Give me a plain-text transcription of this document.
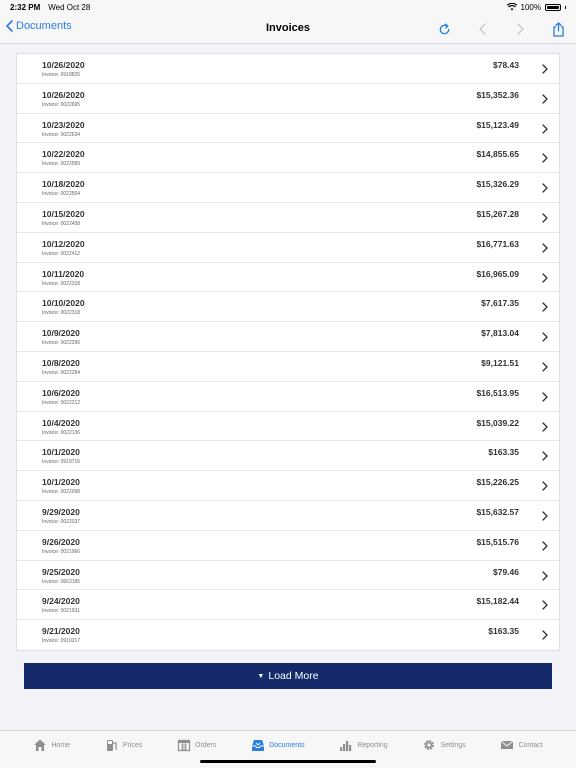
2:32 PM Wed Oct 28	100%
Documents	Invoices
10/26/2020
Invoice: 0918835
$78.43
10/26/2020
Invoice: 0022695
$15,352.36
10/23/2020
Invoice: 0022634
$15,123.49
10/22/2020
Invoice: 0022589
$14,855.65
10/18/2020
Invoice: 0022504
$15,326.29
10/15/2020
Invoice: 0022458
$15,267.28
10/12/2020
Invoice: 0022412
$16,771.63
10/11/2020
Invoice: 0022318
$16,965.09
10/10/2020
Invoice: 0022318
$7,617.35
10/9/2020
Invoice: 0022296
$7,813.04
10/8/2020
Invoice: 0022284
$9,121.51
10/6/2020
Invoice: 0022212
$16,513.95
10/4/2020
Invoice: 0022136
$15,039.22
10/1/2020
Invoice: 0919716
$163.35
10/1/2020
Invoice: 0022098
$15,226.25
9/29/2020
Invoice: 0022037
$15,632.57
9/26/2020
Invoice: 0021966
$15,515.76
9/25/2020
Invoice: 0663185
$79.46
9/24/2020
Invoice: 0021931
$15,182.44
9/21/2020
Invoice: 0919217
$163.35
▼ Load More
Home	Prices	Orders	Documents	Reporting	Settings	Contact
